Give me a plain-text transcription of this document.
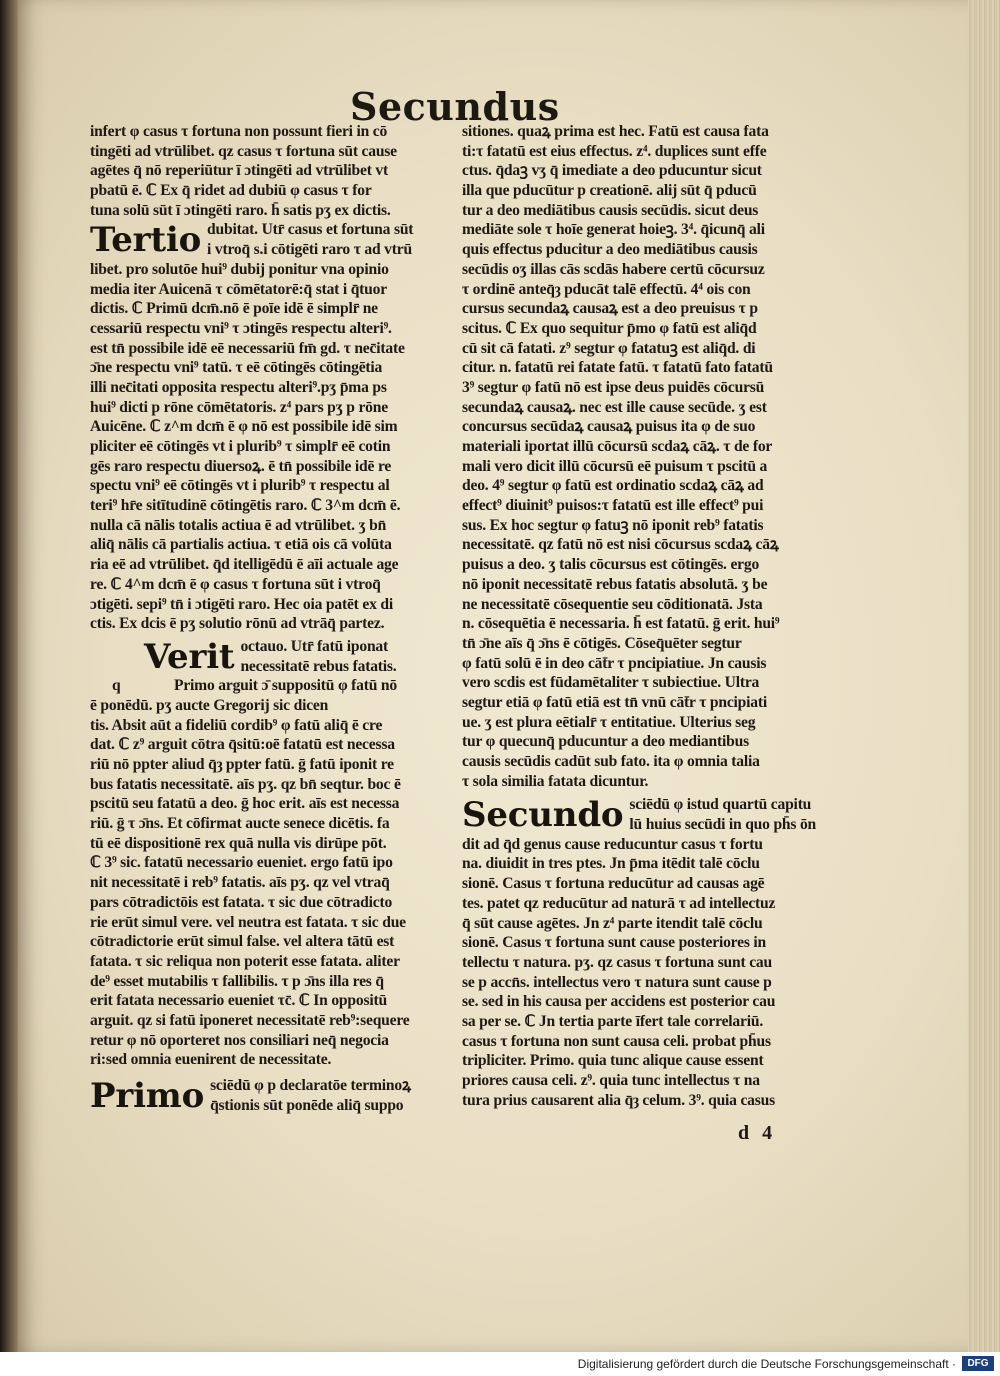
Secundus
infert φ casus τ fortuna non possunt fieri in cō
tingēti ad vtrūlibet. qz casus τ fortuna sūt cause
agētes q̄ nō reperiūtur ī ɔtingēti ad vtrūlibet vt
pbatū ē. ℂ Ex q̄ ridet ad dubiū φ casus τ for
tuna solū sūt ī ɔtingēti raro. h̄ satis pʒ ex dictis.
Tertio dubitat. Utr̄ casus et fortuna sūt
i vtroq̄ s.i cōtigēti raro τ ad vtrū
libet. pro solutōe hui⁹ dubij ponitur vna opinio
media iter Auicenā τ cōmētatorē:q̄ stat i q̄tuor
dictis. ℂ Primū dcm̄.nō ē poīe idē ē simplr̄ ne
cessariū respectu vni⁹ τ ɔtingēs respectu alteri⁹.
est tn̄ possibile idē eē necessariū fm̄ gd. τ nec̄itate
ɔ̄ne respectu vni⁹ tatū. τ eē cōtingēs cōtingētia
illi nec̄itati opposita respectu alteri⁹.pʒ p̄ma ps
hui⁹ dicti p rōne cōmētatoris. z⁴ pars pʒ p rōne
Auicēne. ℂ z^m dcm̄ ē φ nō est possibile idē sim
pliciter eē cōtingēs vt i plurib⁹ τ simplr̄ eē cotin
gēs raro respectu diuersoꝝ. ē tn̄ possibile idē re
spectu vni⁹ eē cōtingēs vt i plurib⁹ τ respectu al
teri⁹ hr̄e sitītudinē cōtingētis raro. ℂ 3^m dcm̄ ē.
nulla cā nālis totalis actiua ē ad vtrūlibet. ʒ bn̄
aliq̄ nālis cā partialis actiua. τ etiā ois cā volūta
ria eē ad vtrūlibet. q̄d itelligēdū ē aīi actuale age
re. ℂ 4^m dcm̄ ē φ casus τ fortuna sūt i vtroq̄
ɔtigēti. sepi⁹ tn̄ i ɔtigēti raro. Hec oia patēt ex di
ctis. Ex dcis ē pʒ solutio rōnū ad vtrāq̄ partez.
Verit octauo. Utr̄ fatū iponat
necessitatē rebus fatatis.
q	Primo arguit ɔ̄ suppositū φ fatū nō
ē ponēdū. pʒ aucte Gregorij sic dicen
tis. Absit aūt a fideliū cordib⁹ φ fatū aliq̄ ē cre
dat. ℂ z⁹ arguit cōtra q̄sitū:oē fatatū est necessa
riū nō ppter aliud q̄ȝ ppter fatū. ḡ fatū iponit re
bus fatatis necessitatē. aīs pʒ. qz bn̄ seqtur. boc ē
pscitū seu fatatū a deo. ḡ hoc erit. aīs est necessa
riū. ḡ τ ɔ̄ns. Et cōfirmat aucte senece dicētis. fa
tū eē dispositionē rex quā nulla vis dirūpe pōt.
ℂ 3⁹ sic. fatatū necessario eueniet. ergo fatū ipo
nit necessitatē i reb⁹ fatatis. aīs pʒ. qz vel vtraq̄
pars cōtradictōis est fatata. τ sic due cōtradicto
rie erūt simul vere. vel neutra est fatata. τ sic due
cōtradictorie erūt simul false. vel altera tātū est
fatata. τ sic reliqua non poterit esse fatata. aliter
de⁹ esset mutabilis τ fallibilis. τ p ɔ̄ns illa res q̄
erit fatata necessario eueniet τc̄. ℂ In oppositū
arguit. qz si fatū iponeret necessitatē reb⁹:sequere
retur φ nō oporteret nos consiliari neq̄ negocia
ri:sed omnia euenirent de necessitate.
Primo sciēdū φ p declaratōe terminoꝝ
q̄stionis sūt ponēde aliq̄ suppo
sitiones. quaꝝ prima est hec. Fatū est causa fata
ti:τ fatatū est eius effectus. z⁴. duplices sunt effe
ctus. q̄daꝫ vʒ q̄ imediate a deo pducuntur sicut
illa que pducūtur p creationē. alij sūt q̄ pducū
tur a deo mediātibus causis secūdis. sicut deus
mediāte sole τ hoīe generat hoieꝫ. 3⁴. q̄icunq̄ ali
quis effectus pducitur a deo mediātibus causis
secūdis oʒ illas cās scdās habere certū cōcursuz
τ ordinē anteq̄ȝ pducāt talē effectū. 4⁴ ois con
cursus secundaꝝ causaꝝ est a deo preuisus τ p
scitus. ℂ Ex quo sequitur p̄mo φ fatū est aliq̄d
cū sit cā fatati. z⁹ segtur φ fatatuꝫ est aliq̄d. di
citur. n. fatatū rei fatate fatū. τ fatatū fato fatatū
3⁹ segtur φ fatū nō est ipse deus puidēs cōcursū
secundaꝝ causaꝝ. nec est ille cause secūde. ʒ est
concursus secūdaꝝ causaꝝ puisus ita φ de suo
materiali iportat illū cōcursū scdaꝝ cāꝝ. τ de for
mali vero dicit illū cōcursū eē puisum τ pscitū a
deo. 4⁹ segtur φ fatū est ordinatio scdaꝝ cāꝝ ad
effect⁹ diuinit⁹ puisos:τ fatatū est ille effect⁹ pui
sus. Ex hoc segtur φ fatuꝫ nō iponit reb⁹ fatatis
necessitatē. qz fatū nō est nisi cōcursus scdaꝝ cāꝝ
puisus a deo. ʒ talis cōcursus est cōtingēs. ergo
nō iponit necessitatē rebus fatatis absolutā. ʒ be
ne necessitatē cōsequentie seu cōditionatā. Jsta
n. cōsequētia ē necessaria. h̄ est fatatū. ḡ erit. hui⁹
tn̄ ɔ̄ne aīs q̄ ɔ̄ns ē cōtigēs. Cōseq̄uēter segtur
φ fatū solū ē in deo cāt̄r τ pncipiatiue. Jn causis
vero scdis est fūdamētaliter τ subiectiue. Ultra
segtur etiā φ fatū etiā est tn̄ vnū cāt̄r τ pncipiati
ue. ʒ est plura eētialr̄ τ entitatiue. Ulterius seg
tur φ quecunq̄ pducuntur a deo mediantibus
causis secūdis cadūt sub fato. ita φ omnia talia
τ sola similia fatata dicuntur.
Secundo sciēdū φ istud quartū capitu
lū huius secūdi in quo ph̄s ōn
dit ad q̄d genus cause reducuntur casus τ fortu
na. diuidit in tres ptes. Jn p̄ma itēdit talē cōclu
sionē. Casus τ fortuna reducūtur ad causas agē
tes. patet qz reducūtur ad naturā τ ad intellectuz
q̄ sūt cause agētes. Jn z⁴ parte itendit talē cōclu
sionē. Casus τ fortuna sunt cause posteriores in
tellectu τ natura. pʒ. qz casus τ fortuna sunt cau
se p accn̄s. intellectus vero τ natura sunt cause p
se. sed in his causa per accidens est posterior cau
sa per se. ℂ Jn tertia parte īfert tale correlariū.
casus τ fortuna non sunt causa celi. probat ph̄us
tripliciter. Primo. quia tunc alique cause essent
priores causa celi. z⁹. quia tunc intellectus τ na
tura prius causarent alia q̄ȝ celum. 3⁹. quia casus
d 4
Digitalisierung gefördert durch die Deutsche Forschungsgemeinschaft ·	DFG
